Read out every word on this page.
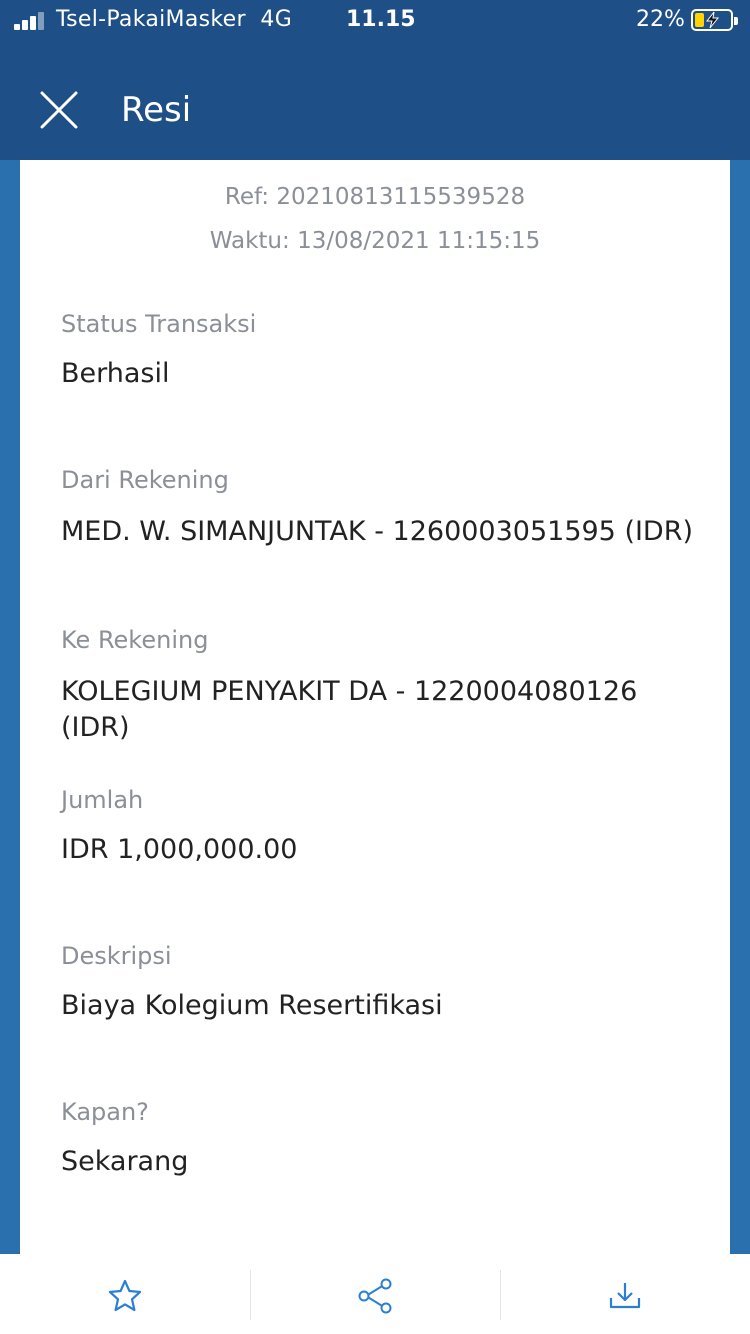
Tsel-PakaiMasker 4G 11.15	22%
Resi
Ref: 20210813115539528
Waktu: 13/08/2021 11:15:15
Status Transaksi
Berhasil
Dari Rekening
MED. W. SIMANJUNTAK - 1260003051595 (IDR)
Ke Rekening
KOLEGIUM PENYAKIT DA - 1220004080126 (IDR)
Jumlah
IDR 1,000,000.00
Deskripsi
Biaya Kolegium Resertifikasi
Kapan?
Sekarang
